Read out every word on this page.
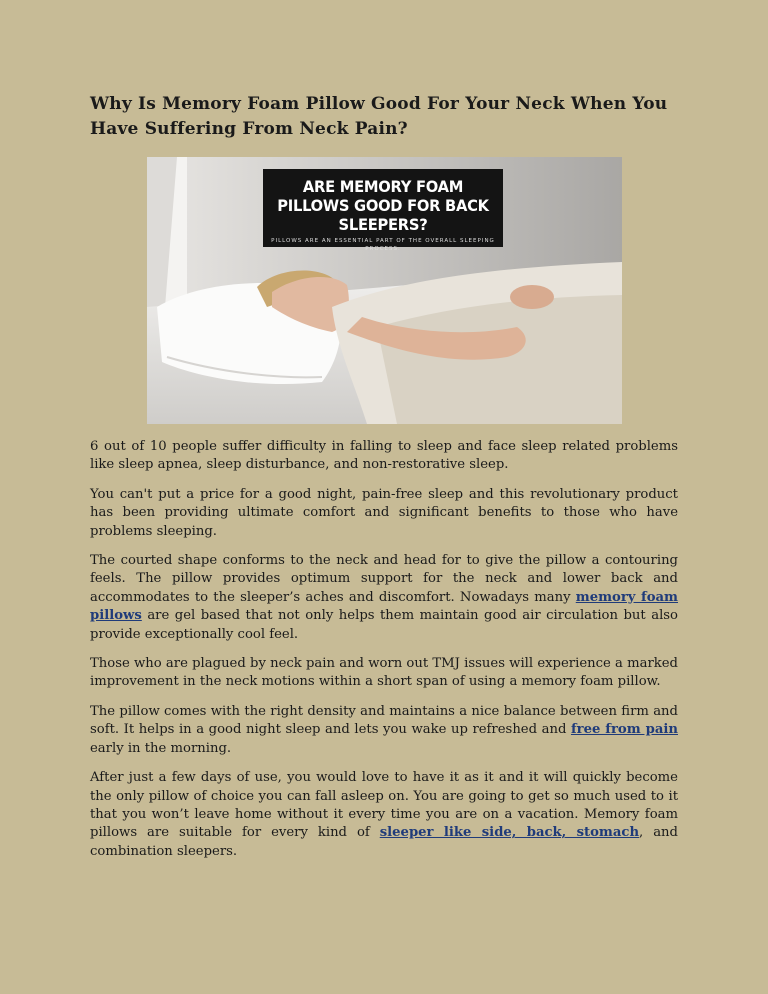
Why Is Memory Foam Pillow Good For Your Neck When You Have Suffering From Neck Pain?
ARE MEMORY FOAM PILLOWS GOOD FOR BACK SLEEPERS?
PILLOWS ARE AN ESSENTIAL PART OF THE OVERALL SLEEPING PROCESS.

6 out of 10 people suffer difficulty in falling to sleep and face sleep related problems like sleep apnea, sleep disturbance, and non-restorative sleep.

You can't put a price for a good night, pain-free sleep and this revolutionary product has been providing ultimate comfort and significant benefits to those who have problems sleeping.

The courted shape conforms to the neck and head for to give the pillow a contouring feels. The pillow provides optimum support for the neck and lower back and accommodates to the sleeper’s aches and discomfort. Nowadays many memory foam pillows are gel based that not only helps them maintain good air circulation but also provide exceptionally cool feel.

Those who are plagued by neck pain and worn out TMJ issues will experience a marked improvement in the neck motions within a short span of using a memory foam pillow.

The pillow comes with the right density and maintains a nice balance between firm and soft. It helps in a good night sleep and lets you wake up refreshed and free from pain early in the morning.

After just a few days of use, you would love to have it as it and it will quickly become the only pillow of choice you can fall asleep on. You are going to get so much used to it that you won’t leave home without it every time you are on a vacation. Memory foam pillows are suitable for every kind of sleeper like side, back, stomach, and combination sleepers.
